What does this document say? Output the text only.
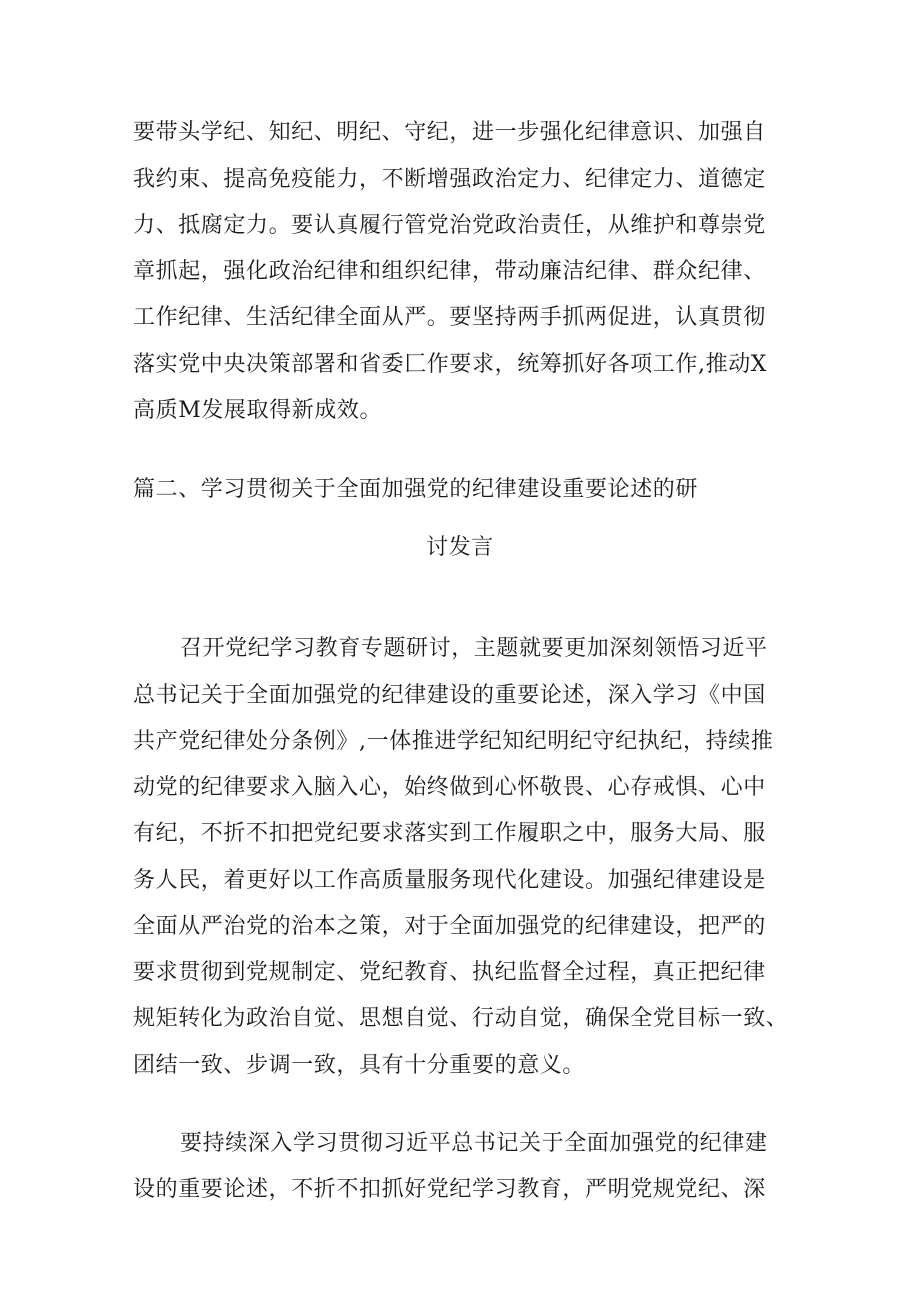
要带头学纪、知纪、明纪、守纪，进一步强化纪律意识、加强自
我约束、提高免疫能力，不断增强政治定力、纪律定力、道德定
力、抵腐定力。要认真履行管党治党政治责任，从维护和尊崇党
章抓起，强化政治纪律和组织纪律，带动廉洁纪律、群众纪律、
工作纪律、生活纪律全面从严。要坚持两手抓两促进，认真贯彻
落实党中央决策部署和省委匚作要求，统筹抓好各项工作,推动X
高质M发展取得新成效。
篇二、学习贯彻关于全面加强党的纪律建设重要论述的研
讨发言
召开党纪学习教育专题研讨，主题就要更加深刻领悟习近平
总书记关于全面加强党的纪律建设的重要论述，深入学习《中国
共产党纪律处分条例》,一体推进学纪知纪明纪守纪执纪，持续推
动党的纪律要求入脑入心，始终做到心怀敬畏、心存戒惧、心中
有纪，不折不扣把党纪要求落实到工作履职之中，服务大局、服
务人民，着更好以工作高质量服务现代化建设。加强纪律建设是
全面从严治党的治本之策，对于全面加强党的纪律建设，把严的
要求贯彻到党规制定、党纪教育、执纪监督全过程，真正把纪律
规矩转化为政治自觉、思想自觉、行动自觉，确保全党目标一致、
团结一致、步调一致，具有十分重要的意义。
要持续深入学习贯彻习近平总书记关于全面加强党的纪律建
设的重要论述，不折不扣抓好党纪学习教育，严明党规党纪、深
